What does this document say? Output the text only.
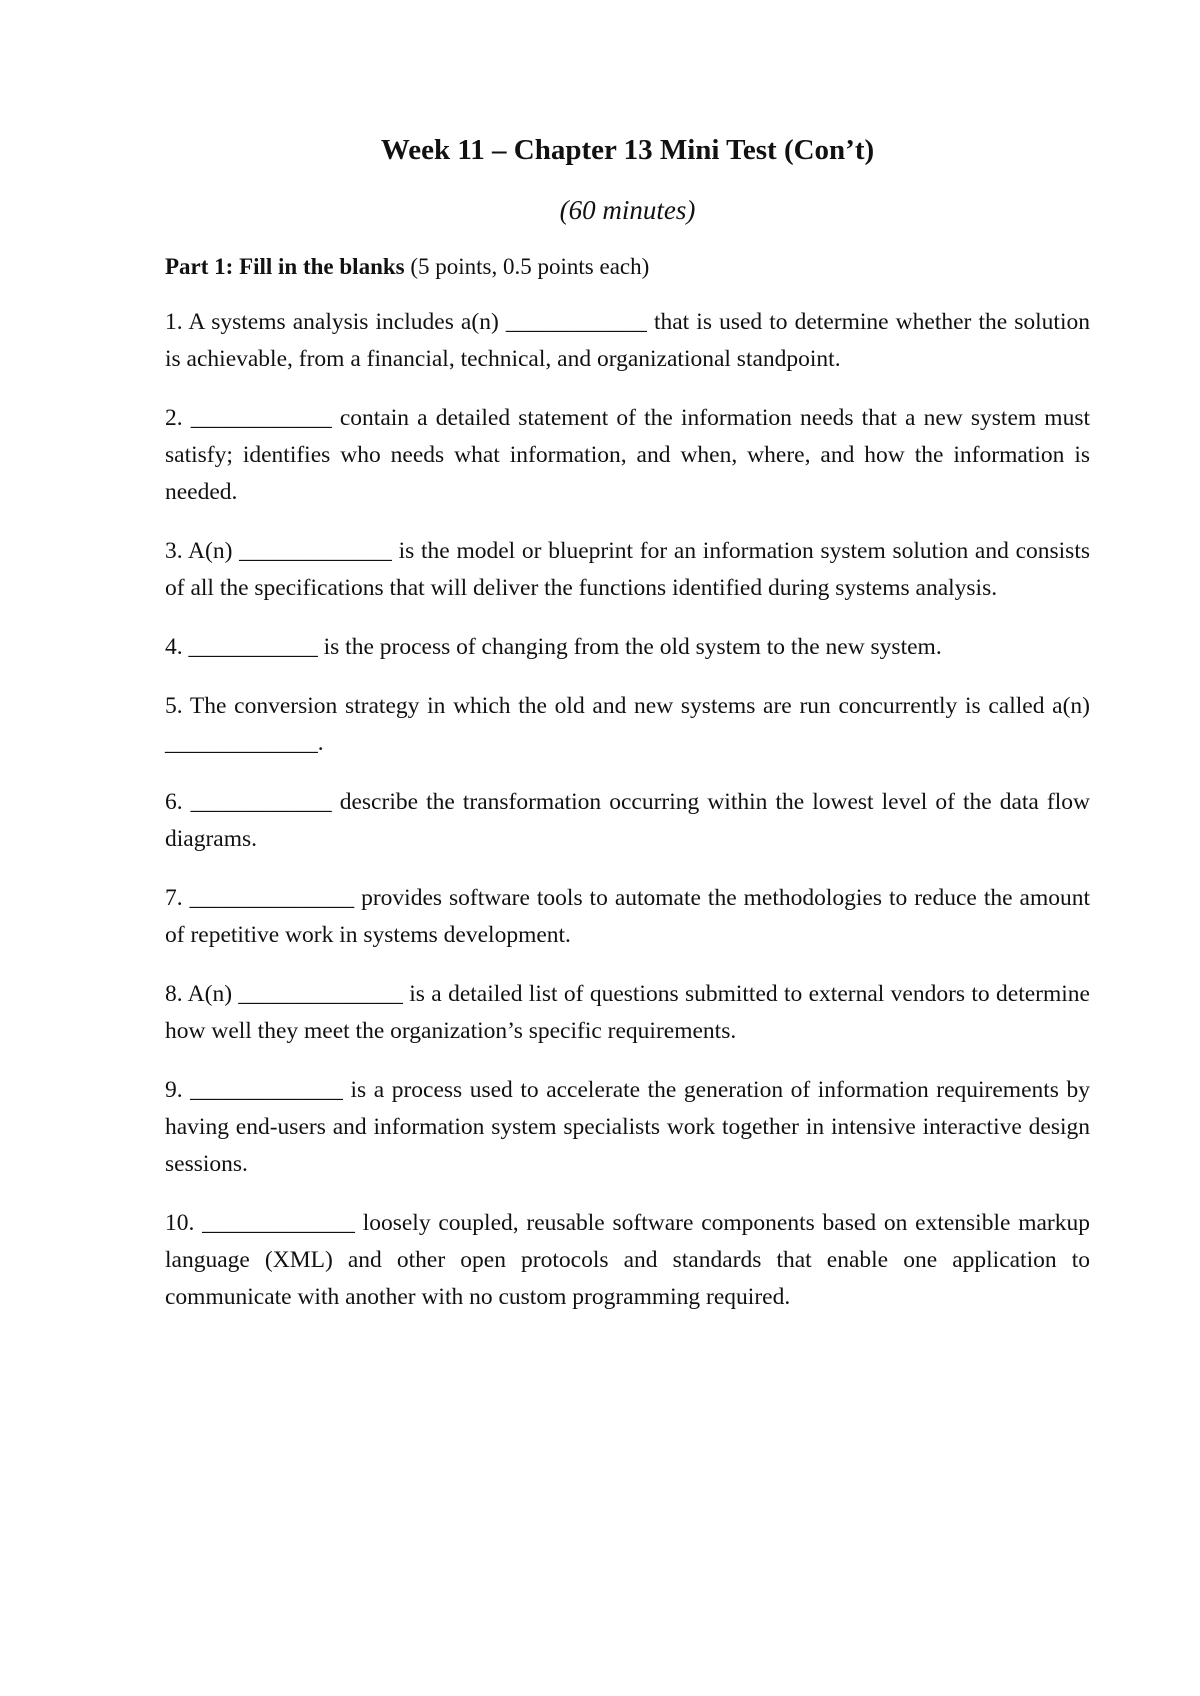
Week 11 – Chapter 13 Mini Test (Con’t)
(60 minutes)
Part 1: Fill in the blanks (5 points, 0.5 points each)
1. A systems analysis includes a(n) ____________ that is used to determine whether the solution is achievable, from a financial, technical, and organizational standpoint.
2. ____________ contain a detailed statement of the information needs that a new system must satisfy; identifies who needs what information, and when, where, and how the information is needed.
3. A(n) _____________ is the model or blueprint for an information system solution and consists of all the specifications that will deliver the functions identified during systems analysis.
4. ___________ is the process of changing from the old system to the new system.
5. The conversion strategy in which the old and new systems are run concurrently is called a(n) _____________.
6. ____________ describe the transformation occurring within the lowest level of the data flow diagrams.
7. ______________ provides software tools to automate the methodologies to reduce the amount of repetitive work in systems development.
8. A(n) ______________ is a detailed list of questions submitted to external vendors to determine how well they meet the organization’s specific requirements.
9. _____________ is a process used to accelerate the generation of information requirements by having end-users and information system specialists work together in intensive interactive design sessions.
10. _____________ loosely coupled, reusable software components based on extensible markup language (XML) and other open protocols and standards that enable one application to communicate with another with no custom programming required.
